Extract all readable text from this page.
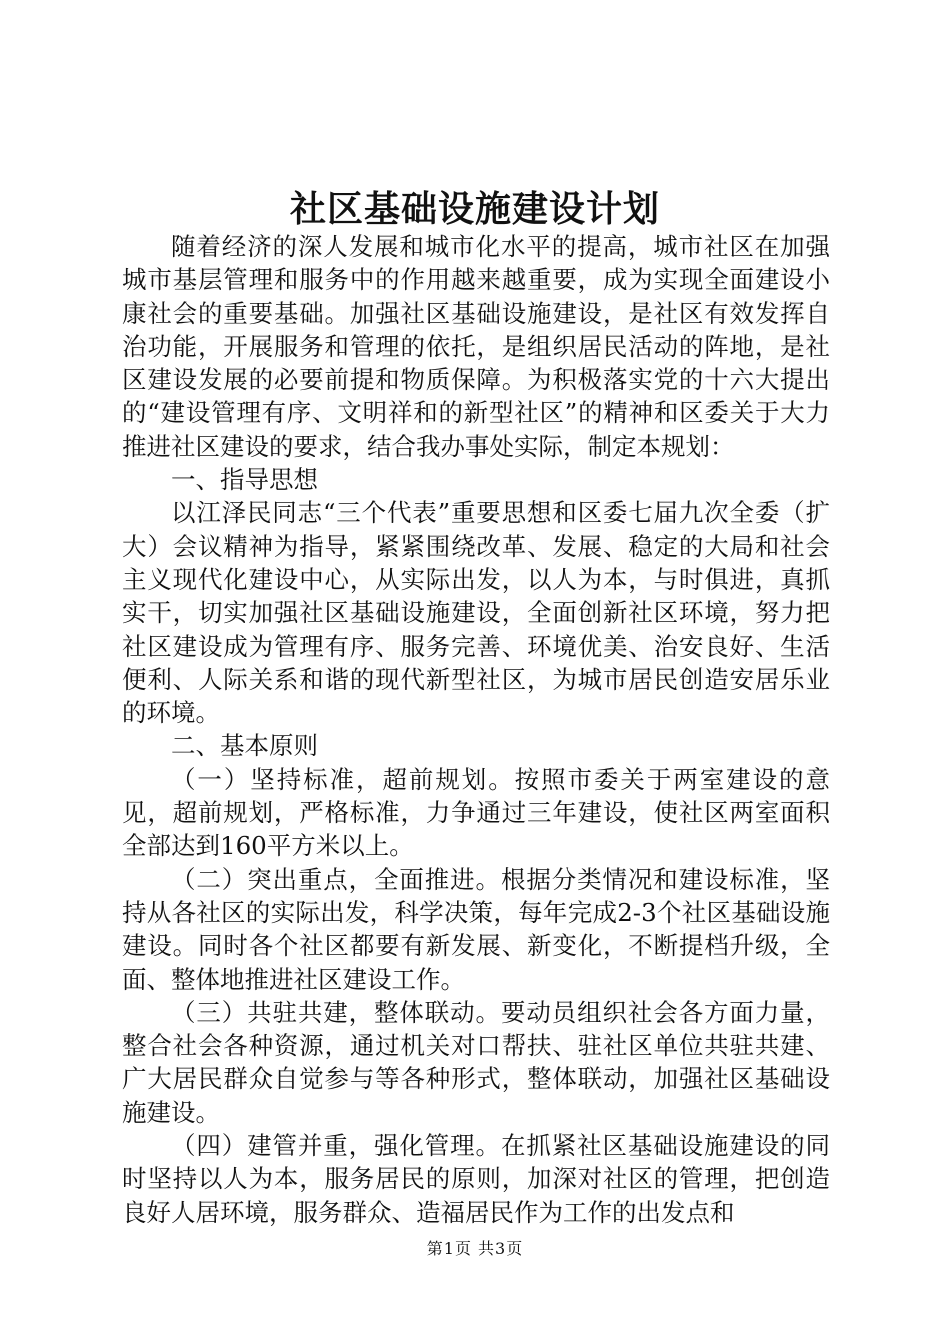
社区基础设施建设计划

随着经济的深人发展和城市化水平的提高，城市社区在加强城市基层管理和服务中的作用越来越重要，成为实现全面建设小康社会的重要基础。加强社区基础设施建设，是社区有效发挥自治功能，开展服务和管理的依托，是组织居民活动的阵地，是社区建设发展的必要前提和物质保障。为积极落实党的十六大提出的“建设管理有序、文明祥和的新型社区”的精神和区委关于大力推进社区建设的要求，结合我办事处实际，制定本规划：

一、指导思想

以江泽民同志“三个代表”重要思想和区委七届九次全委（扩大）会议精神为指导，紧紧围绕改革、发展、稳定的大局和社会主义现代化建设中心，从实际出发，以人为本，与时俱进，真抓实干，切实加强社区基础设施建设，全面创新社区环境，努力把社区建设成为管理有序、服务完善、环境优美、治安良好、生活便利、人际关系和谐的现代新型社区，为城市居民创造安居乐业的环境。

二、基本原则

（一）坚持标准，超前规划。按照市委关于两室建设的意见，超前规划，严格标准，力争通过三年建设，使社区两室面积全部达到160平方米以上。

（二）突出重点，全面推进。根据分类情况和建设标准，坚持从各社区的实际出发，科学决策，每年完成2-3个社区基础设施建设。同时各个社区都要有新发展、新变化，不断提档升级，全面、整体地推进社区建设工作。

（三）共驻共建，整体联动。要动员组织社会各方面力量，整合社会各种资源，通过机关对口帮扶、驻社区单位共驻共建、广大居民群众自觉参与等各种形式，整体联动，加强社区基础设施建设。

（四）建管并重，强化管理。在抓紧社区基础设施建设的同时坚持以人为本，服务居民的原则，加深对社区的管理，把创造良好人居环境，服务群众、造福居民作为工作的出发点和

第1页 共3页
